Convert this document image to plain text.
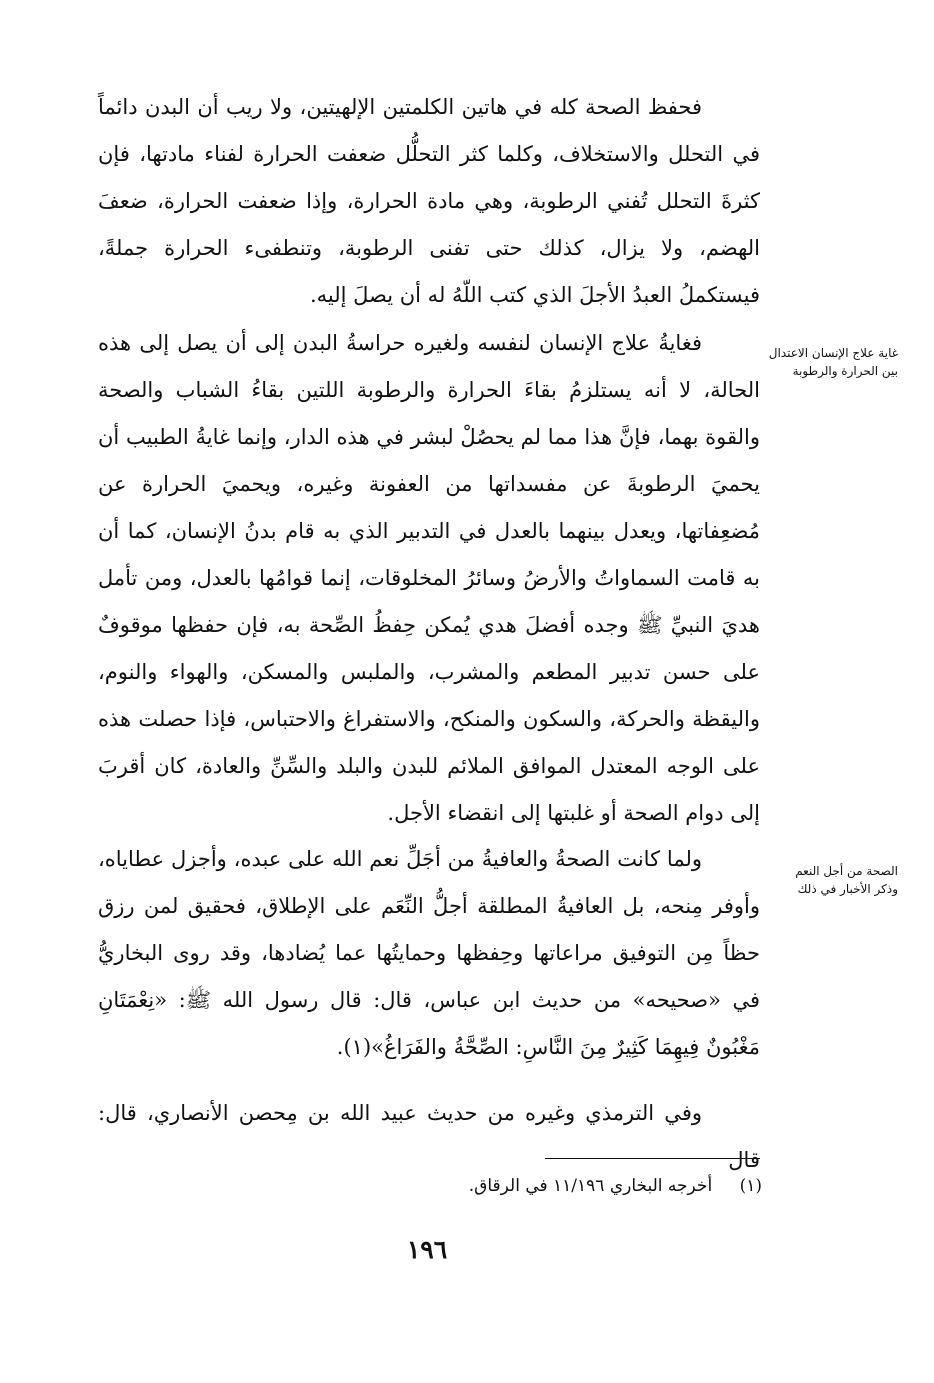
فحفظ الصحة كله في هاتين الكلمتين الإلهيتين، ولا ريب أن البدن دائماً في التحلل والاستخلاف، وكلما كثر التحلُّل ضعفت الحرارة لفناء مادتها، فإن كثرةَ التحلل تُفني الرطوبة، وهي مادة الحرارة، وإذا ضعفت الحرارة، ضعفَ الهضم، ولا يزال، كذلك حتى تفنى الرطوبة، وتنطفىء الحرارة جملةً، فيستكملُ العبدُ الأجلَ الذي كتب اللّهُ له أن يصلَ إليه.

غاية علاج الإنسان الاعتدال بين الحرارة والرطوبة

فغايةُ علاج الإنسان لنفسه ولغيره حراسةُ البدن إلى أن يصل إلى هذه الحالة، لا أنه يستلزمُ بقاءَ الحرارة والرطوبة اللتين بقاءُ الشباب والصحة والقوة بهما، فإنَّ هذا مما لم يحصُلْ لبشر في هذه الدار، وإنما غايةُ الطبيب أن يحميَ الرطوبةَ عن مفسداتها من العفونة وغيره، ويحميَ الحرارة عن مُضعِفاتها، ويعدل بينهما بالعدل في التدبير الذي به قام بدنُ الإنسان، كما أن به قامت السماواتُ والأرضُ وسائرُ المخلوقات، إنما قوامُها بالعدل، ومن تأمل هديَ النبيِّ ﷺ وجده أفضلَ هدي يُمكن حِفظُ الصِّحة به، فإن حفظها موقوفٌ على حسن تدبير المطعم والمشرب، والملبس والمسكن، والهواء والنوم، واليقظة والحركة، والسكون والمنكح، والاستفراغ والاحتباس، فإذا حصلت هذه على الوجه المعتدل الموافق الملائم للبدن والبلد والسِّنِّ والعادة، كان أقربَ إلى دوام الصحة أو غلبتها إلى انقضاء الأجل.

الصحة من أجل النعم وذكر الأخبار في ذلك

ولما كانت الصحةُ والعافيةُ من أجَلِّ نعم الله على عبده، وأجزل عطاياه، وأوفر مِنحه، بل العافيةُ المطلقة أجلُّ النِّعَم على الإطلاق، فحقيق لمن رزق حظاً مِن التوفيق مراعاتها وحِفظها وحمايتُها عما يُضادها، وقد روى البخاريُّ في «صحيحه» من حديث ابن عباس، قال: قال رسول الله ﷺ: «نِعْمَتَانِ مَغْبُونٌ فِيهِمَا كَثِيرٌ مِنَ النَّاسِ: الصِّحَّةُ والفَرَاغُ»(١).

وفي الترمذي وغيره من حديث عبيد الله بن مِحصن الأنصاري، قال: قال

(١) أخرجه البخاري ١١/١٩٦ في الرقاق.
١٩٦
